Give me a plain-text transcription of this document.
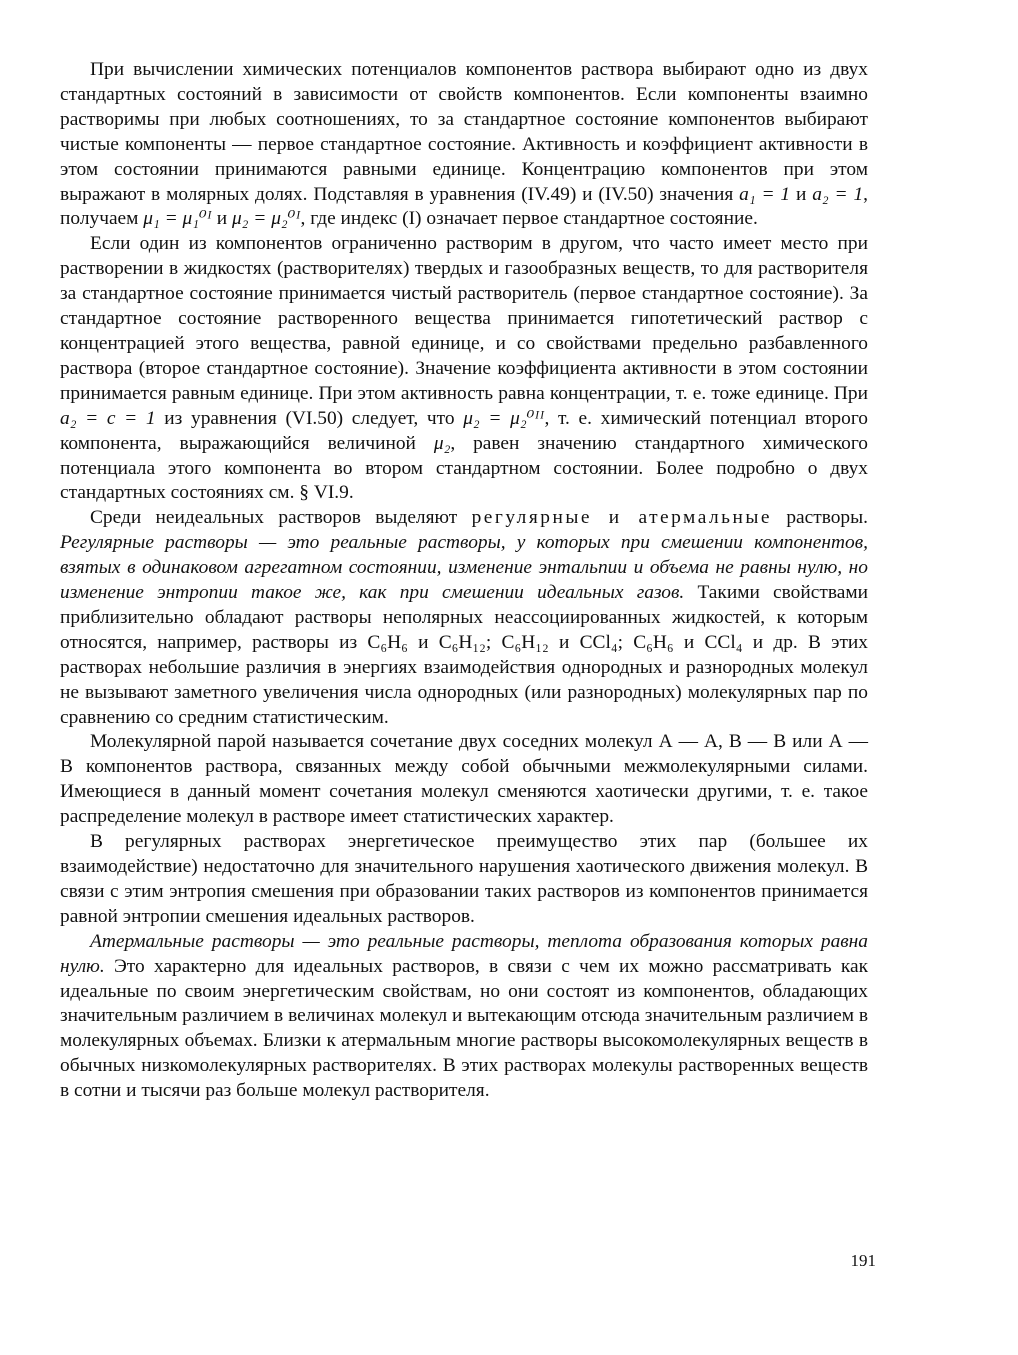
При вычислении химических потенциалов компонентов раствора выбирают одно из двух стандартных состояний в зависимости от свойств компонентов. Если компоненты взаимно растворимы при любых соотношениях, то за стандартное состояние компонентов выбирают чистые компоненты — первое стандартное состояние. Активность и коэффициент активности в этом состоянии принимаются равными единице. Концентрацию компонентов при этом выражают в молярных долях. Подставляя в уравнения (IV.49) и (IV.50) значения a₁ = 1 и a₂ = 1, получаем μ₁ = μ₁⁰ᴵ и μ₂ = μ₂⁰ᴵ, где индекс (I) означает первое стандартное состояние.

Если один из компонентов ограниченно растворим в другом, что часто имеет место при растворении в жидкостях (растворителях) твердых и газообразных веществ, то для растворителя за стандартное состояние принимается чистый растворитель (первое стандартное состояние). За стандартное состояние растворенного вещества принимается гипотетический раствор с концентрацией этого вещества, равной единице, и со свойствами предельно разбавленного раствора (второе стандартное состояние). Значение коэффициента активности в этом состоянии принимается равным единице. При этом активность равна концентрации, т. е. тоже единице. При a₂ = c = 1 из уравнения (VI.50) следует, что μ₂ = μ₂⁰ᴵᴵ, т. е. химический потенциал второго компонента, выражающийся величиной μ₂, равен значению стандартного химического потенциала этого компонента во втором стандартном состоянии. Более подробно о двух стандартных состояниях см. § VI.9.

Среди неидеальных растворов выделяют регулярные и атермальные растворы. Регулярные растворы — это реальные растворы, у которых при смешении компонентов, взятых в одинаковом агрегатном состоянии, изменение энтальпии и объема не равны нулю, но изменение энтропии такое же, как при смешении идеальных газов. Такими свойствами приблизительно обладают растворы неполярных неассоциированных жидкостей, к которым относятся, например, растворы из C₆H₆ и C₆H₁₂; C₆H₁₂ и CCl₄; C₆H₆ и CCl₄ и др. В этих растворах небольшие различия в энергиях взаимодействия однородных и разнородных молекул не вызывают заметного увеличения числа однородных (или разнородных) молекулярных пар по сравнению со средним статистическим.

Молекулярной парой называется сочетание двух соседних молекул А — А, В — В или А — В компонентов раствора, связанных между собой обычными межмолекулярными силами. Имеющиеся в данный момент сочетания молекул сменяются хаотически другими, т. е. такое распределение молекул в растворе имеет статистических характер.

В регулярных растворах энергетическое преимущество этих пар (большее их взаимодействие) недостаточно для значительного нарушения хаотического движения молекул. В связи с этим энтропия смешения при образовании таких растворов из компонентов принимается равной энтропии смешения идеальных растворов.

Атермальные растворы — это реальные растворы, теплота образования которых равна нулю. Это характерно для идеальных растворов, в связи с чем их можно рассматривать как идеальные по своим энергетическим свойствам, но они состоят из компонентов, обладающих значительным различием в величинах молекул и вытекающим отсюда значительным различием в молекулярных объемах. Близки к атермальным многие растворы высокомолекулярных веществ в обычных низкомолекулярных растворителях. В этих растворах молекулы растворенных веществ в сотни и тысячи раз больше молекул растворителя.

191
